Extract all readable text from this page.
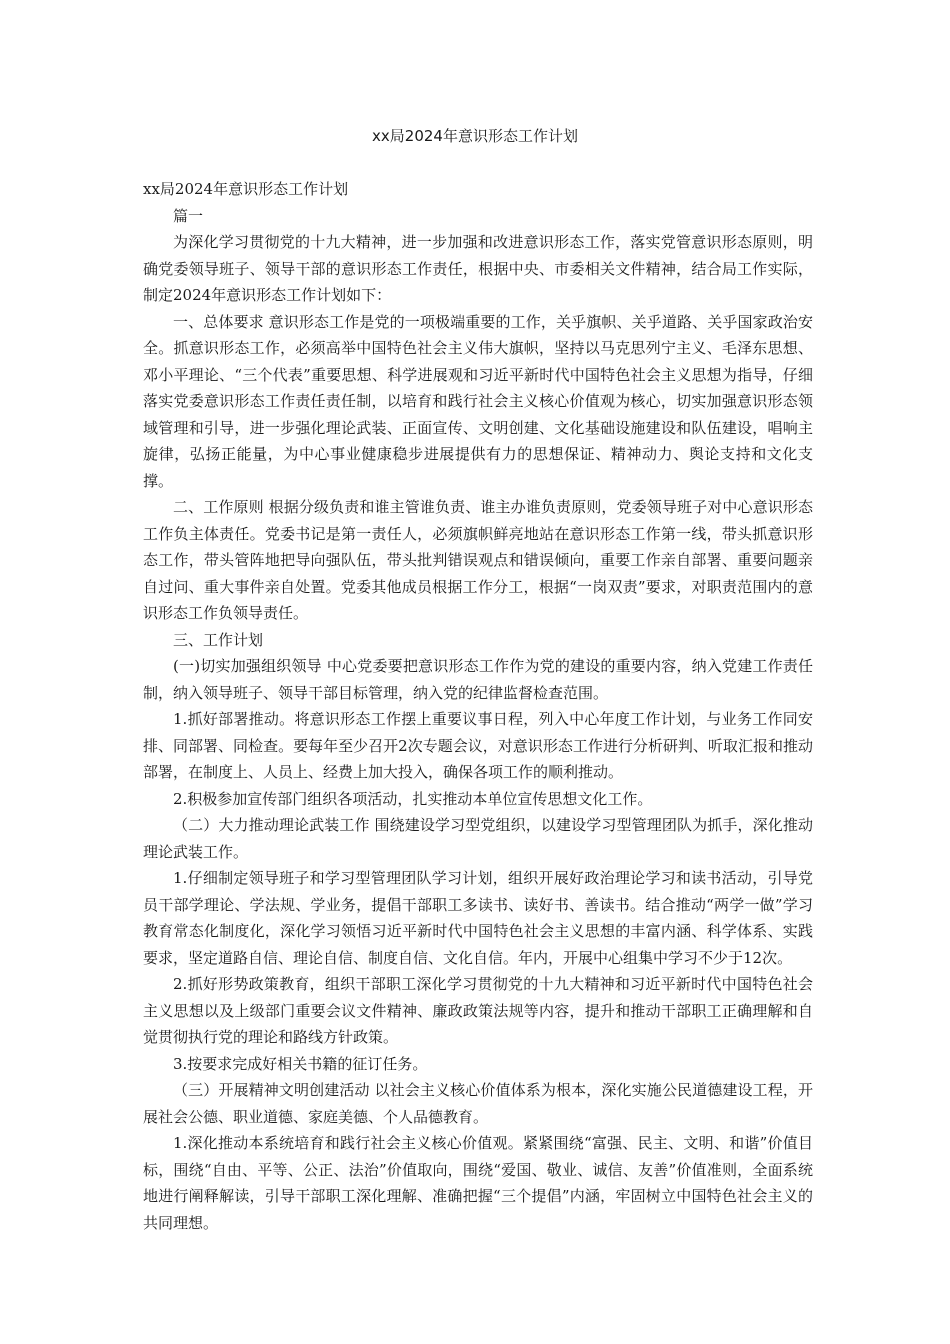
xx局2024年意识形态工作计划

xx局2024年意识形态工作计划

篇一

为深化学习贯彻党的十九大精神，进一步加强和改进意识形态工作，落实党管意识形态原则，明确党委领导班子、领导干部的意识形态工作责任，根据中央、市委相关文件精神，结合局工作实际，制定2024年意识形态工作计划如下：

一、总体要求 意识形态工作是党的一项极端重要的工作，关乎旗帜、关乎道路、关乎国家政治安全。抓意识形态工作，必须高举中国特色社会主义伟大旗帜，坚持以马克思列宁主义、毛泽东思想、邓小平理论、“三个代表”重要思想、科学进展观和习近平新时代中国特色社会主义思想为指导，仔细落实党委意识形态工作责任责任制，以培育和践行社会主义核心价值观为核心，切实加强意识形态领域管理和引导，进一步强化理论武装、正面宣传、文明创建、文化基础设施建设和队伍建设，唱响主旋律，弘扬正能量，为中心事业健康稳步进展提供有力的思想保证、精神动力、舆论支持和文化支撑。

二、工作原则 根据分级负责和谁主管谁负责、谁主办谁负责原则，党委领导班子对中心意识形态工作负主体责任。党委书记是第一责任人，必须旗帜鲜亮地站在意识形态工作第一线，带头抓意识形态工作，带头管阵地把导向强队伍，带头批判错误观点和错误倾向，重要工作亲自部署、重要问题亲自过问、重大事件亲自处置。党委其他成员根据工作分工，根据“一岗双责”要求，对职责范围内的意识形态工作负领导责任。

三、工作计划

(一)切实加强组织领导 中心党委要把意识形态工作作为党的建设的重要内容，纳入党建工作责任制，纳入领导班子、领导干部目标管理，纳入党的纪律监督检查范围。

1.抓好部署推动。将意识形态工作摆上重要议事日程，列入中心年度工作计划，与业务工作同安排、同部署、同检查。要每年至少召开2次专题会议，对意识形态工作进行分析研判、听取汇报和推动部署，在制度上、人员上、经费上加大投入，确保各项工作的顺利推动。

2.积极参加宣传部门组织各项活动，扎实推动本单位宣传思想文化工作。

（二）大力推动理论武装工作 围绕建设学习型党组织，以建设学习型管理团队为抓手，深化推动理论武装工作。

1.仔细制定领导班子和学习型管理团队学习计划，组织开展好政治理论学习和读书活动，引导党员干部学理论、学法规、学业务，提倡干部职工多读书、读好书、善读书。结合推动“两学一做”学习教育常态化制度化，深化学习领悟习近平新时代中国特色社会主义思想的丰富内涵、科学体系、实践要求，坚定道路自信、理论自信、制度自信、文化自信。年内，开展中心组集中学习不少于12次。

2.抓好形势政策教育，组织干部职工深化学习贯彻党的十九大精神和习近平新时代中国特色社会主义思想以及上级部门重要会议文件精神、廉政政策法规等内容，提升和推动干部职工正确理解和自觉贯彻执行党的理论和路线方针政策。

3.按要求完成好相关书籍的征订任务。

（三）开展精神文明创建活动 以社会主义核心价值体系为根本，深化实施公民道德建设工程，开展社会公德、职业道德、家庭美德、个人品德教育。

1.深化推动本系统培育和践行社会主义核心价值观。紧紧围绕“富强、民主、文明、和谐”价值目标，围绕“自由、平等、公正、法治”价值取向，围绕“爱国、敬业、诚信、友善”价值准则，全面系统地进行阐释解读，引导干部职工深化理解、准确把握“三个提倡”内涵，牢固树立中国特色社会主义的共同理想。
